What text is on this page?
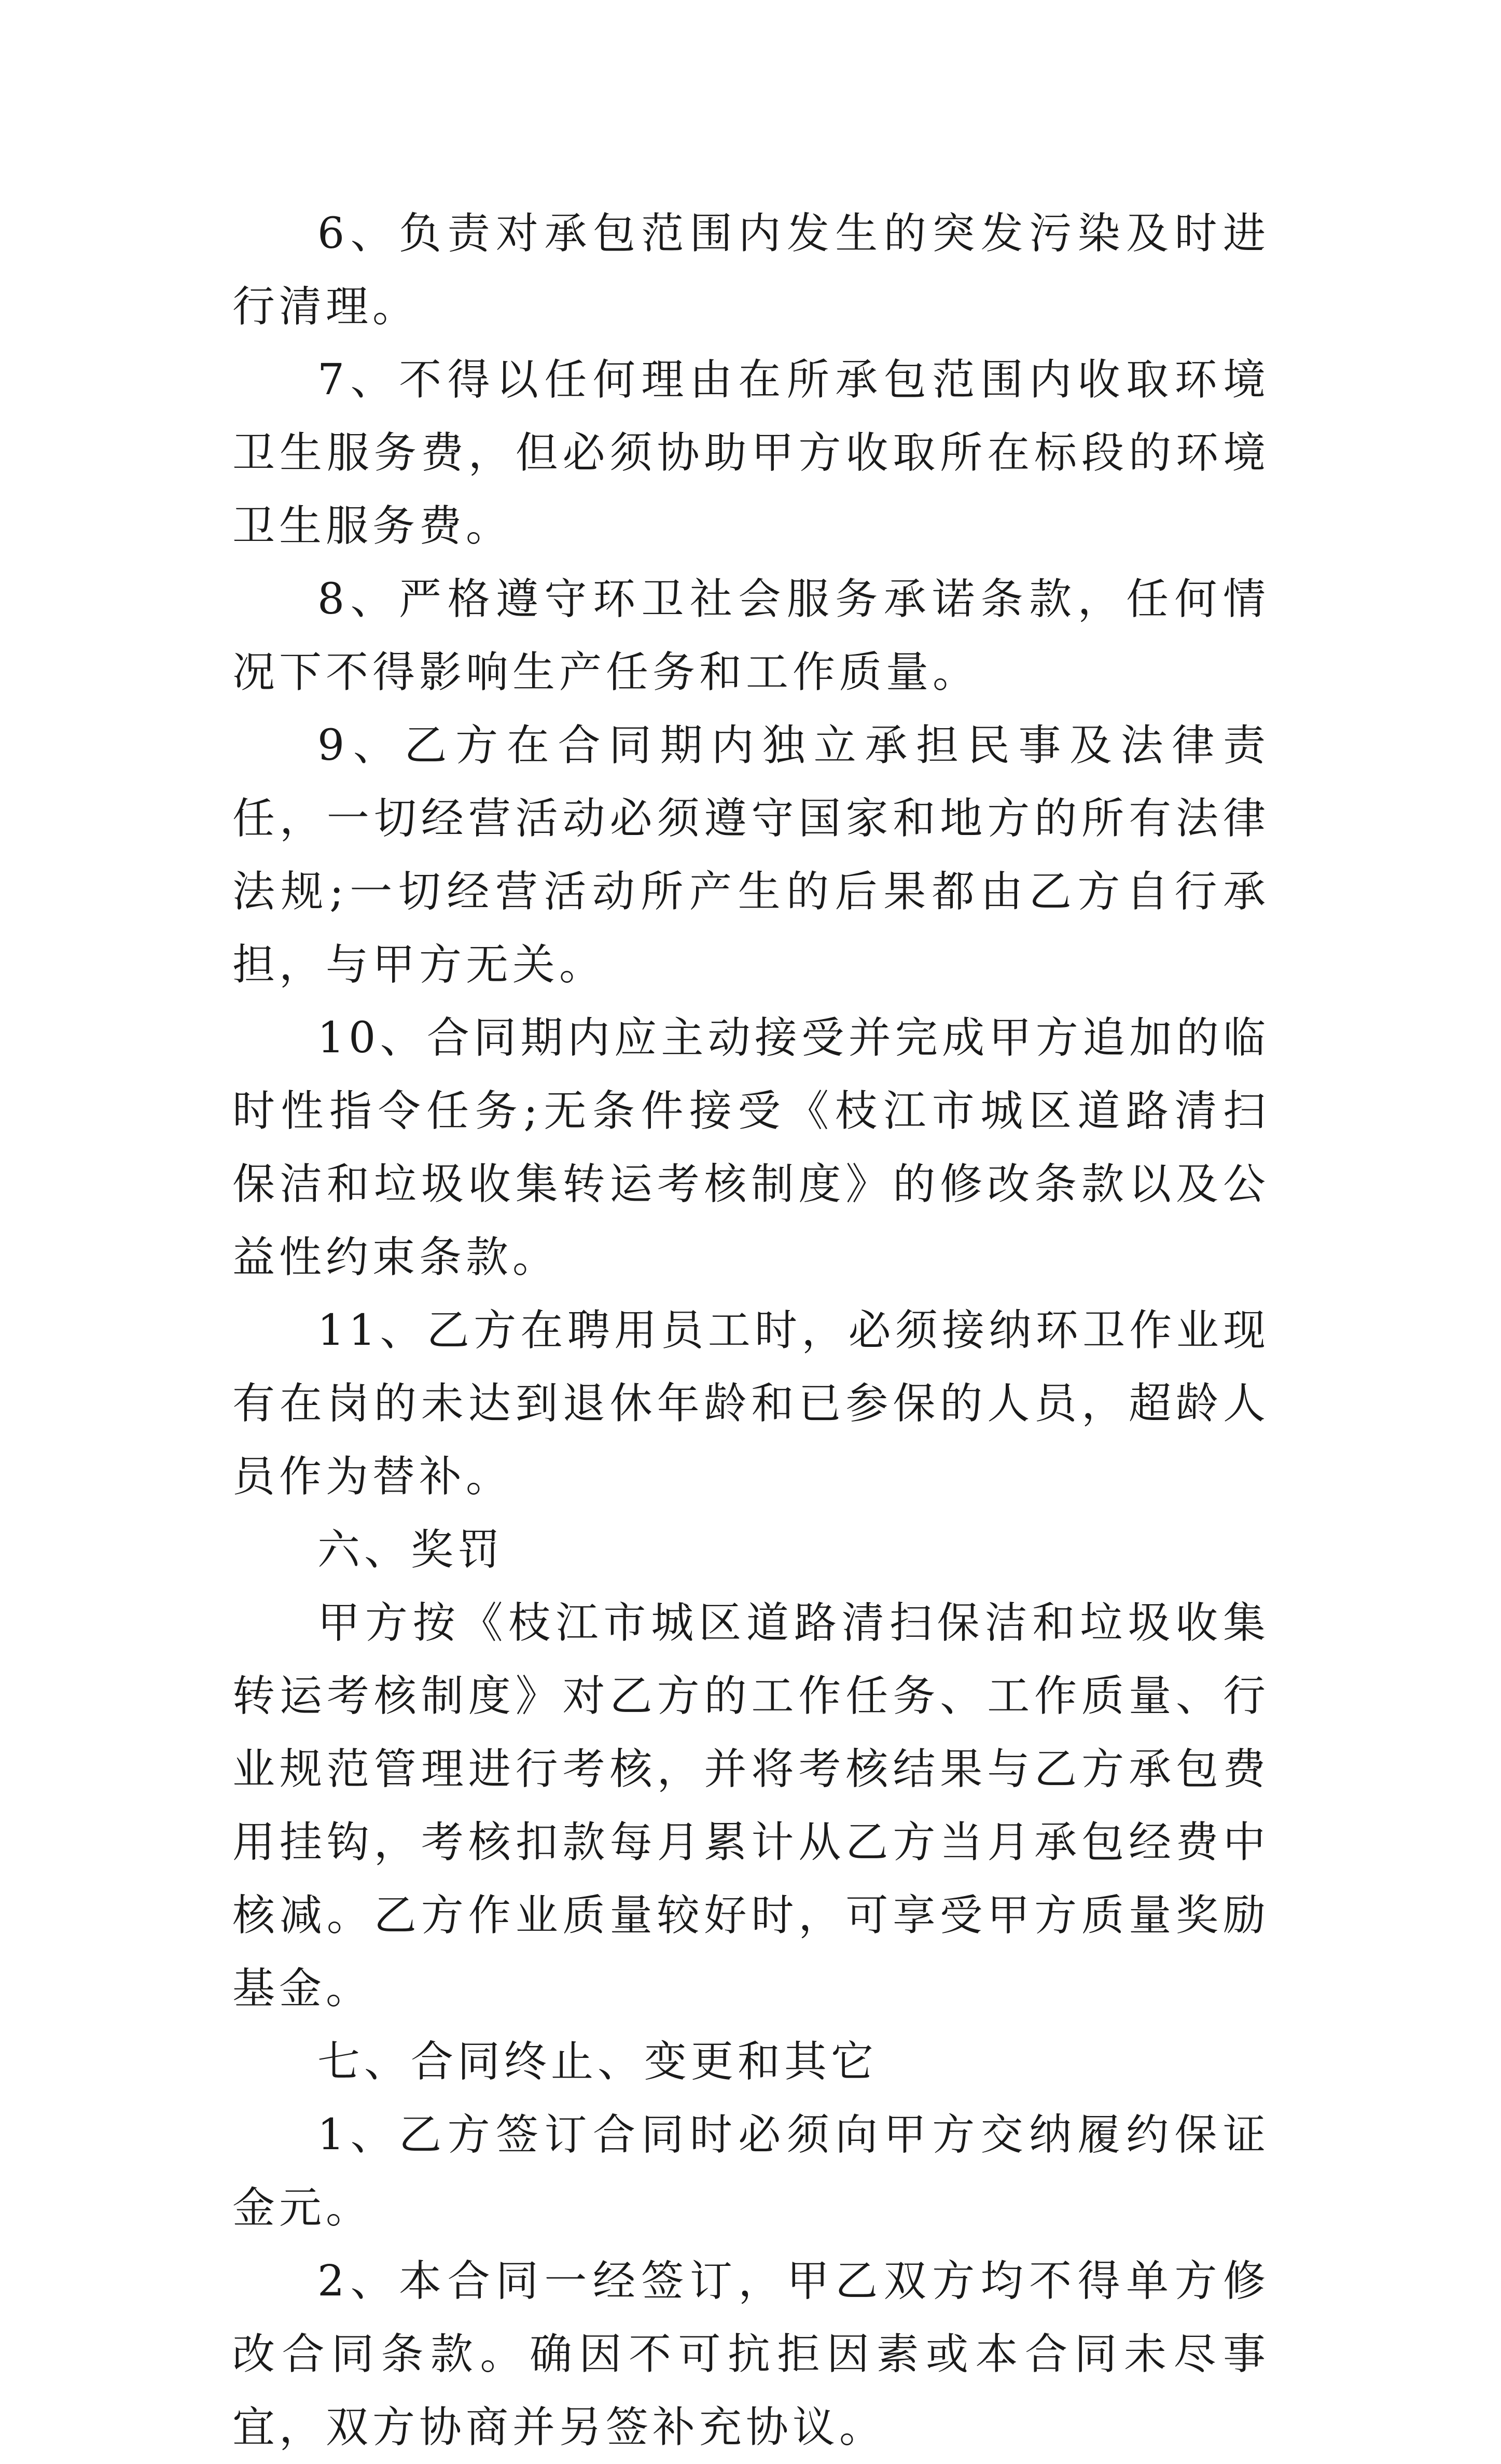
6、负责对承包范围内发生的突发污染及时进行清理。

7、不得以任何理由在所承包范围内收取环境卫生服务费，但必须协助甲方收取所在标段的环境卫生服务费。

8、严格遵守环卫社会服务承诺条款，任何情况下不得影响生产任务和工作质量。

9、乙方在合同期内独立承担民事及法律责任，一切经营活动必须遵守国家和地方的所有法律法规;一切经营活动所产生的后果都由乙方自行承担，与甲方无关。

10、合同期内应主动接受并完成甲方追加的临时性指令任务;无条件接受《枝江市城区道路清扫保洁和垃圾收集转运考核制度》的修改条款以及公益性约束条款。

11、乙方在聘用员工时，必须接纳环卫作业现有在岗的未达到退休年龄和已参保的人员，超龄人员作为替补。

六、奖罚

甲方按《枝江市城区道路清扫保洁和垃圾收集转运考核制度》对乙方的工作任务、工作质量、行业规范管理进行考核，并将考核结果与乙方承包费用挂钩，考核扣款每月累计从乙方当月承包经费中核减。乙方作业质量较好时，可享受甲方质量奖励基金。

七、合同终止、变更和其它

1、乙方签订合同时必须向甲方交纳履约保证金元。

2、本合同一经签订，甲乙双方均不得单方修改合同条款。确因不可抗拒因素或本合同未尽事宜，双方协商并另签补充协议。
